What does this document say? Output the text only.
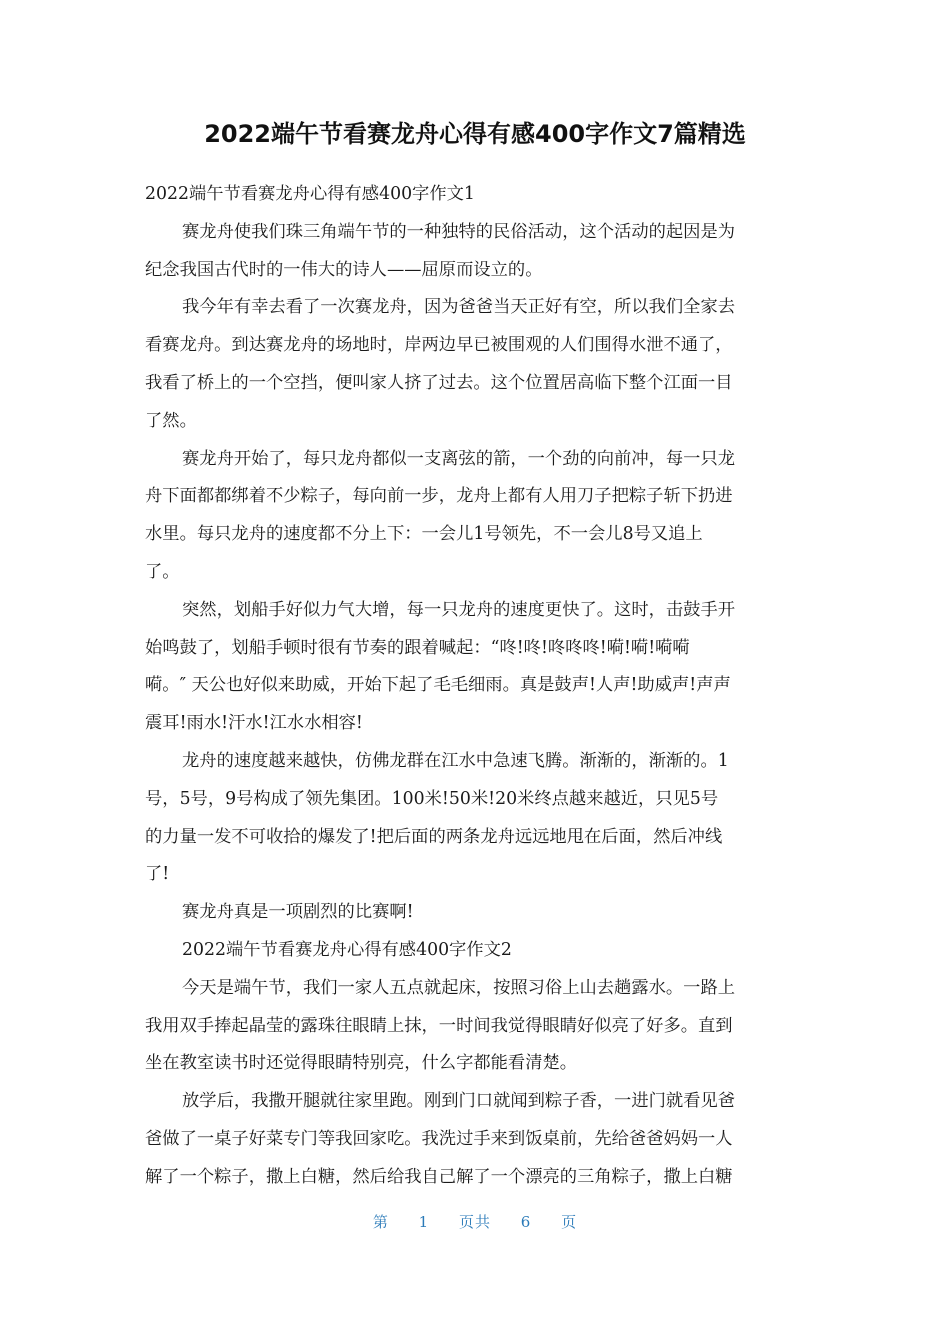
2022端午节看赛龙舟心得有感400字作文7篇精选
2022端午节看赛龙舟心得有感400字作文1
赛龙舟使我们珠三角端午节的一种独特的民俗活动，这个活动的起因是为
纪念我国古代时的一伟大的诗人——屈原而设立的。
我今年有幸去看了一次赛龙舟，因为爸爸当天正好有空，所以我们全家去
看赛龙舟。到达赛龙舟的场地时，岸两边早已被围观的人们围得水泄不通了，
我看了桥上的一个空挡，便叫家人挤了过去。这个位置居高临下整个江面一目
了然。
赛龙舟开始了，每只龙舟都似一支离弦的箭，一个劲的向前冲，每一只龙
舟下面都都绑着不少粽子，每向前一步，龙舟上都有人用刀子把粽子斩下扔进
水里。每只龙舟的速度都不分上下：一会儿1号领先，不一会儿8号又追上
了。
突然，划船手好似力气大增，每一只龙舟的速度更快了。这时，击鼓手开
始鸣鼓了，划船手顿时很有节奏的跟着喊起：“咚!咚!咚咚咚!嗬!嗬!嗬嗬
嗬。″ 天公也好似来助威，开始下起了毛毛细雨。真是鼓声!人声!助威声!声声
震耳!雨水!汗水!江水水相容!
龙舟的速度越来越快，仿佛龙群在江水中急速飞腾。渐渐的，渐渐的。1
号，5号，9号构成了领先集团。100米!50米!20米终点越来越近，只见5号
的力量一发不可收拾的爆发了!把后面的两条龙舟远远地甩在后面，然后冲线
了!
赛龙舟真是一项剧烈的比赛啊!
2022端午节看赛龙舟心得有感400字作文2
今天是端午节，我们一家人五点就起床，按照习俗上山去趟露水。一路上
我用双手捧起晶莹的露珠往眼睛上抹，一时间我觉得眼睛好似亮了好多。直到
坐在教室读书时还觉得眼睛特别亮，什么字都能看清楚。
放学后，我撒开腿就往家里跑。刚到门口就闻到粽子香，一进门就看见爸
爸做了一桌子好菜专门等我回家吃。我洗过手来到饭桌前，先给爸爸妈妈一人
解了一个粽子，撒上白糖，然后给我自己解了一个漂亮的三角粽子，撒上白糖
第 1 页共 6 页
